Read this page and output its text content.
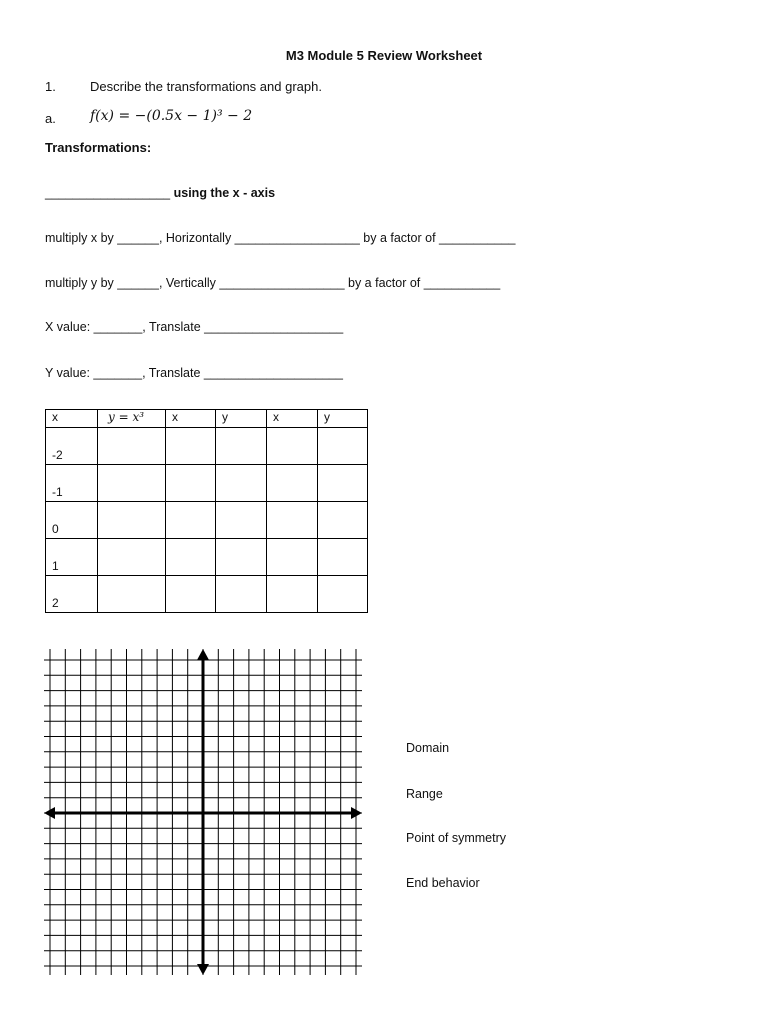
M3 Module 5 Review Worksheet
1.	Describe the transformations and graph.
a. f(x) = −(0.5x − 1)³ − 2
Transformations:
__________________ using the x - axis
multiply x by ______, Horizontally __________________ by a factor of ___________
multiply y by ______, Vertically __________________ by a factor of ___________
X value: _______, Translate ____________________
Y value: _______, Translate ____________________
x	y = x³	x	y	x	y
-2					
-1					
0					
1					
2					
Domain
Range
Point of symmetry
End behavior
